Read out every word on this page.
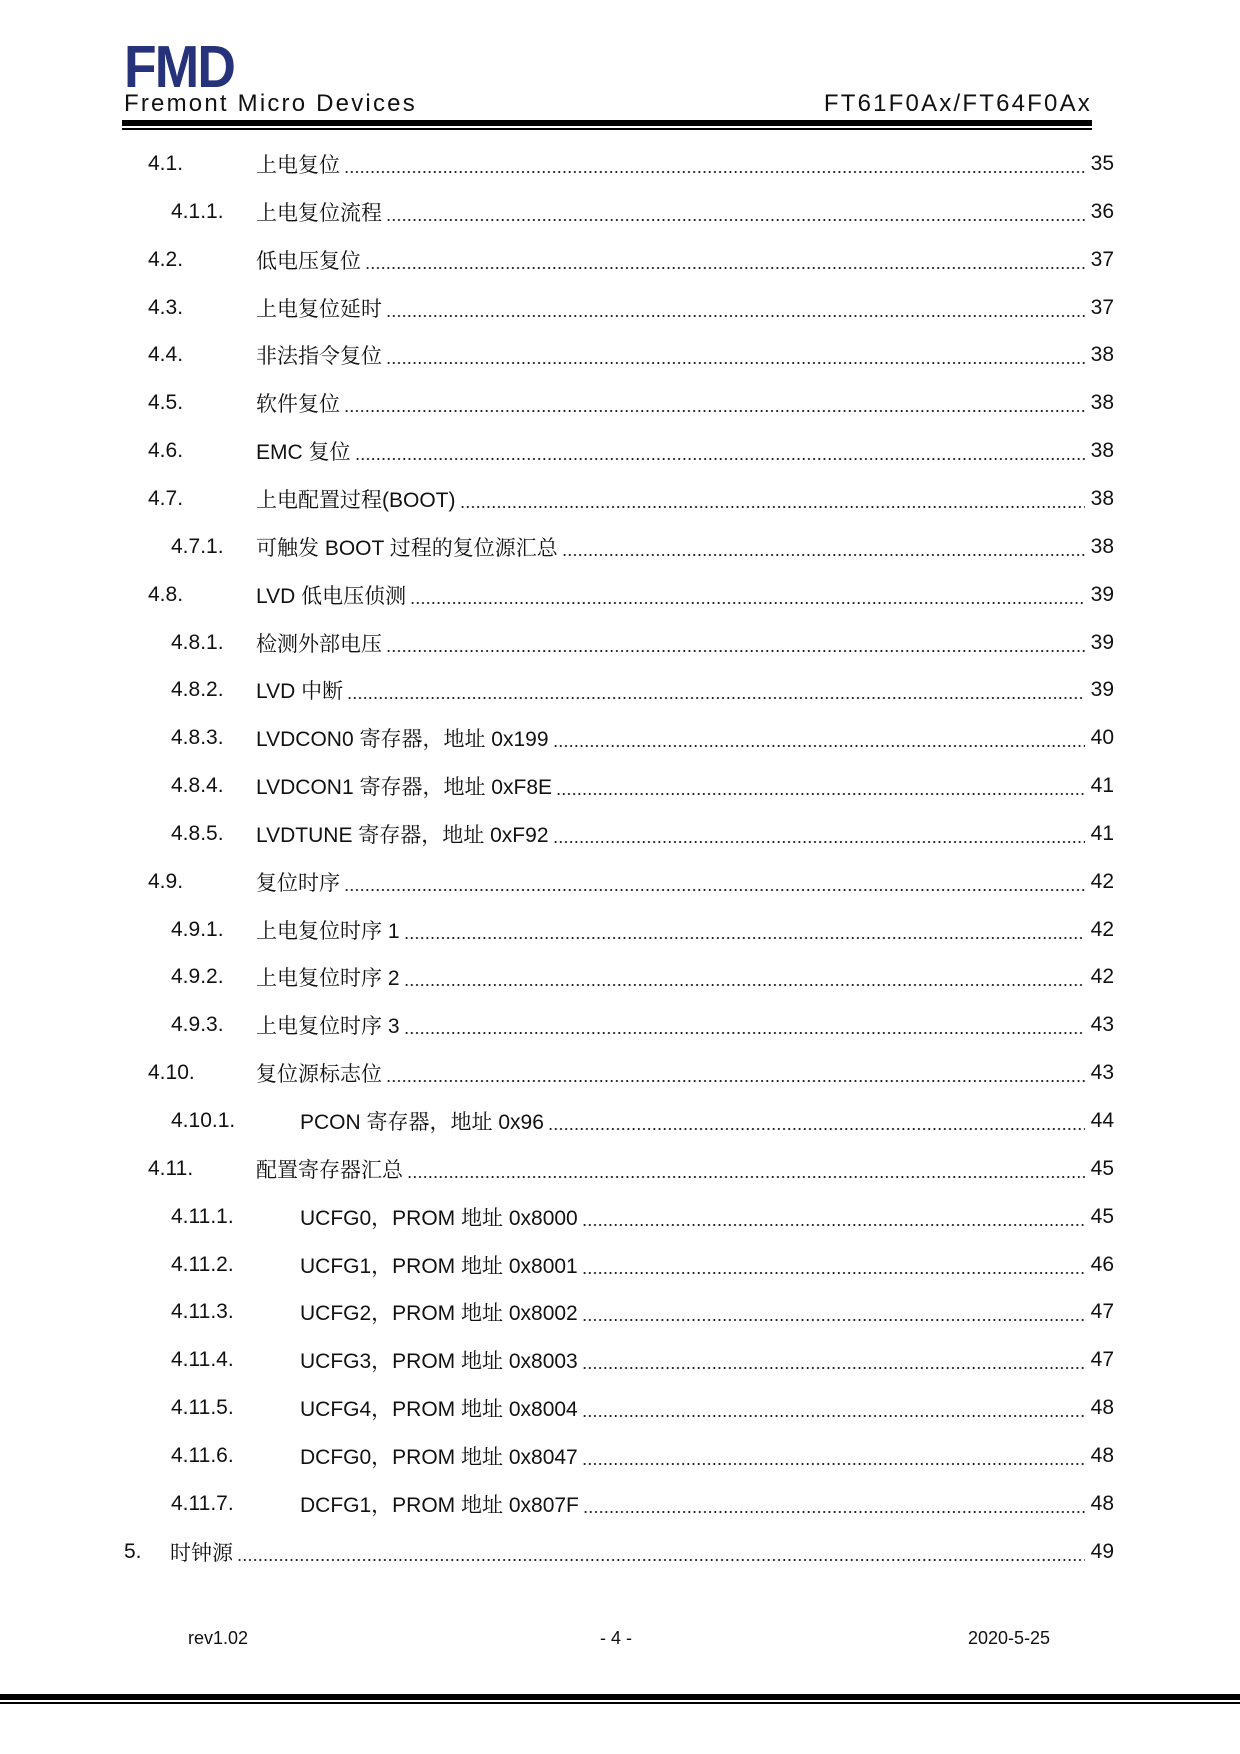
FMD
Fremont Micro Devices	FT61F0Ax/FT64F0Ax
4.1.	上电复位	35
4.1.1.	上电复位流程	36
4.2.	低电压复位	37
4.3.	上电复位延时	37
4.4.	非法指令复位	38
4.5.	软件复位	38
4.6.	EMC 复位	38
4.7.	上电配置过程(BOOT)	38
4.7.1.	可触发 BOOT 过程的复位源汇总	38
4.8.	LVD 低电压侦测	39
4.8.1.	检测外部电压	39
4.8.2.	LVD 中断	39
4.8.3.	LVDCON0 寄存器，地址 0x199	40
4.8.4.	LVDCON1 寄存器，地址 0xF8E	41
4.8.5.	LVDTUNE 寄存器，地址 0xF92	41
4.9.	复位时序	42
4.9.1.	上电复位时序 1	42
4.9.2.	上电复位时序 2	42
4.9.3.	上电复位时序 3	43
4.10.	复位源标志位	43
4.10.1.	PCON 寄存器，地址 0x96	44
4.11.	配置寄存器汇总	45
4.11.1.	UCFG0，PROM 地址 0x8000	45
4.11.2.	UCFG1，PROM 地址 0x8001	46
4.11.3.	UCFG2，PROM 地址 0x8002	47
4.11.4.	UCFG3，PROM 地址 0x8003	47
4.11.5.	UCFG4，PROM 地址 0x8004	48
4.11.6.	DCFG0，PROM 地址 0x8047	48
4.11.7.	DCFG1，PROM 地址 0x807F	48
5.	时钟源	49
rev1.02	- 4 -	2020-5-25
